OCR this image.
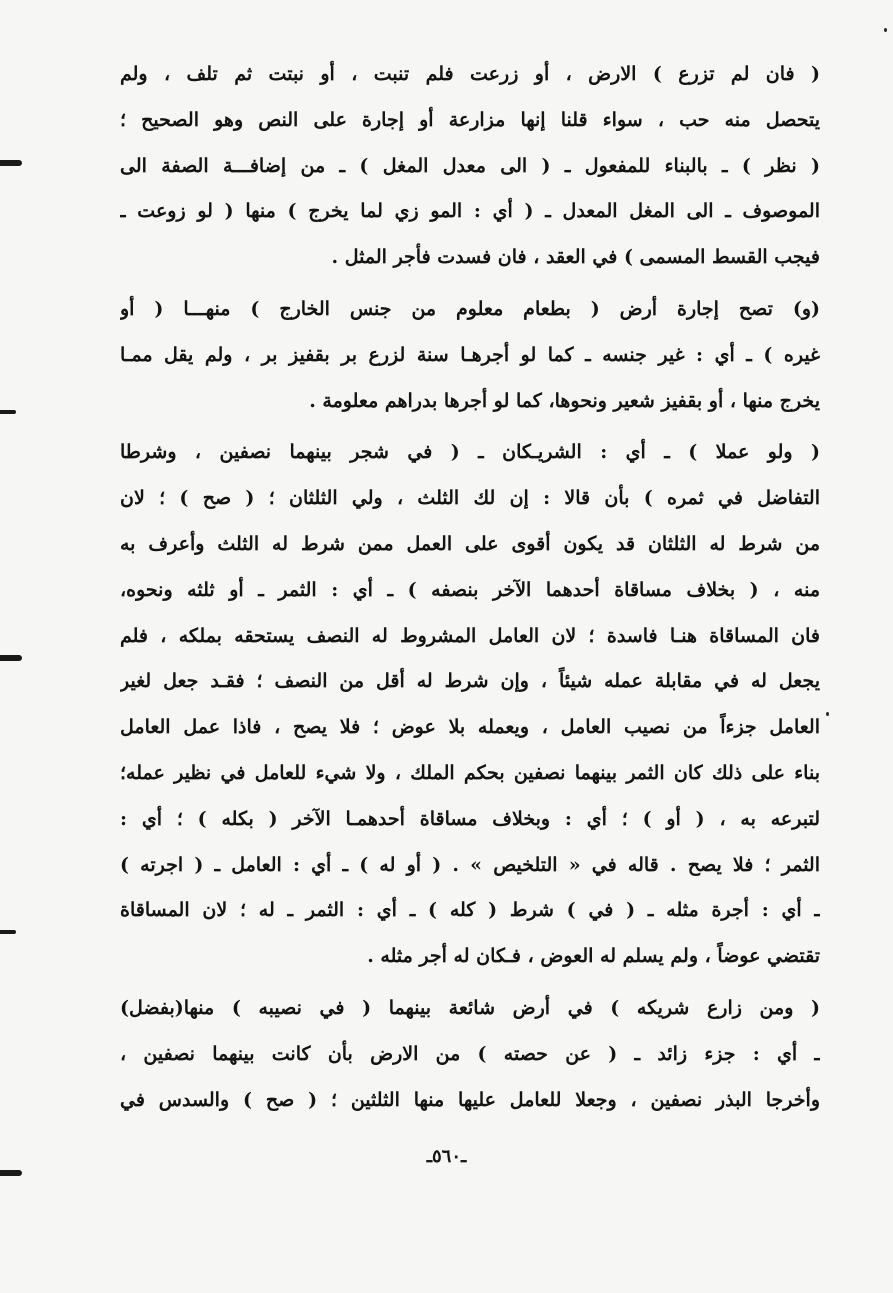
( فان لم تزرع ) الارض ، أو زرعت فلم تنبت ، أو نبتت ثم تلف ، ولم
يتحصل منه حب ، سواء قلنا إنها مزارعة أو إجارة على النص وهو الصحيح ؛
( نظر ) ـ بالبناء للمفعول ـ ( الى معدل المغل ) ـ من إضافـــة الصفة الى
الموصوف ـ الى المغل المعدل ـ ( أي : المو زي لما يخرج ) منها ( لو زوعت ـ
فيجب القسط المسمى ) في العقد ، فان فسدت فأجر المثل .
(و) تصح إجارة أرض ( بطعام معلوم من جنس الخارج ) منهـــا ( أو
غيره ) ـ أي : غير جنسه ـ كما لو أجرهـا سنة لزرع بر بقفيز بر ، ولم يقل ممـا
يخرج منها ، أو بقفيز شعير ونحوها، كما لو أجرها بدراهم معلومة .
( ولو عملا ) ـ أي : الشريـكان ـ ( في شجر بينهما نصفين ، وشرطا
التفاضل في ثمره ) بأن قالا : إن لك الثلث ، ولي الثلثان ؛ ( صح ) ؛ لان
من شرط له الثلثان قد يكون أقوى على العمل ممن شرط له الثلث وأعرف به
منه ، ( بخلاف مساقاة أحدهما الآخر بنصفه ) ـ أي : الثمر ـ أو ثلثه ونحوه،
فان المساقاة هنـا فاسدة ؛ لان العامل المشروط له النصف يستحقه بملكه ، فلم
يجعل له في مقابلة عمله شيئاً ، وإن شرط له أقل من النصف ؛ فقـد جعل لغير
العامل جزءاً من نصيب العامل ، ويعمله بلا عوض ؛ فلا يصح ، فاذا عمل العامل
بناء على ذلك كان الثمر بينهما نصفين بحكم الملك ، ولا شيء للعامل في نظير عمله؛
لتبرعه به ، ( أو ) ؛ أي : وبخلاف مساقاة أحدهمـا الآخر ( بكله ) ؛ أي :
الثمر ؛ فلا يصح . قاله في « التلخيص » . ( أو له ) ـ أي : العامل ـ ( اجرته )
ـ أي : أجرة مثله ـ ( في ) شرط ( كله ) ـ أي : الثمر ـ له ؛ لان المساقاة
تقتضي عوضاً ، ولم يسلم له العوض ، فـكان له أجر مثله .
( ومن زارع شريكه ) في أرض شائعة بينهما ( في نصيبه ) منها(بفضل)
ـ أي : جزء زائد ـ ( عن حصته ) من الارض بأن كانت بينهما نصفين ،
وأخرجا البذر نصفين ، وجعلا للعامل عليها منها الثلثين ؛ ( صح ) والسدس في
ـ٥٦٠ـ
